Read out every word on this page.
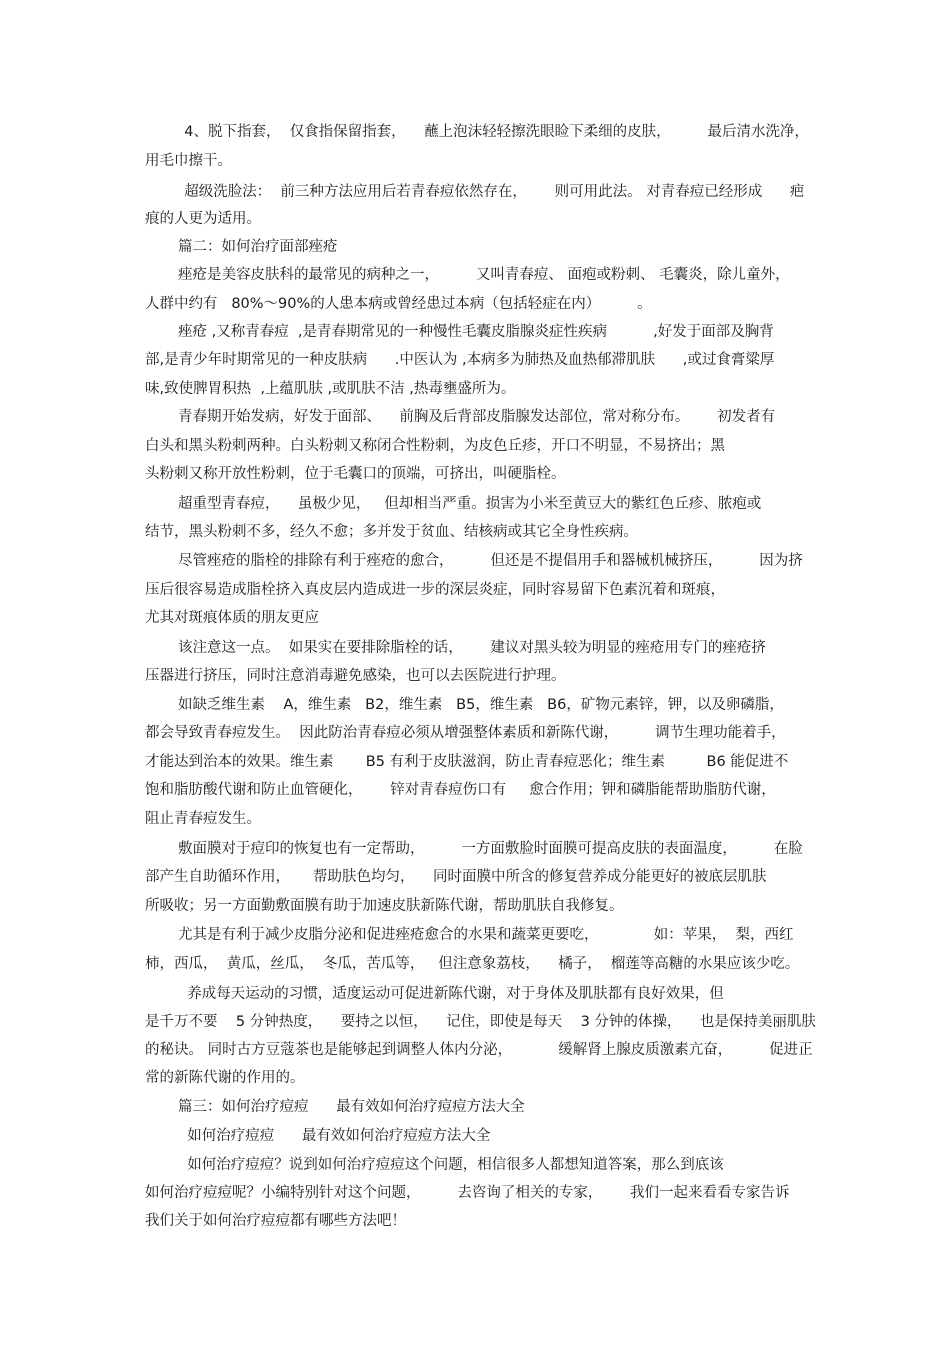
4、脱下指套，  仅食指保留指套，    蘸上泡沫轻轻擦洗眼睑下柔细的皮肤，        最后清水洗净，
用毛巾擦干。
超级洗脸法：  前三种方法应用后若青春痘依然存在，      则可用此法。 对青春痘已经形成      疤
痕的人更为适用。
篇二：如何治疗面部痤疮
痤疮是美容皮肤科的最常见的病种之一，        又叫青春痘、 面疱或粉刺、 毛囊炎，除儿童外，
人群中约有   80%～90%的人患本病或曾经患过本病（包括轻症在内）        。
痤疮 ,又称青春痘  ,是青春期常见的一种慢性毛囊皮脂腺炎症性疾病          ,好发于面部及胸背
部,是青少年时期常见的一种皮肤病      .中医认为 ,本病多为肺热及血热郁滞肌肤      ,或过食膏粱厚
味,致使脾胃积热  ,上蕴肌肤 ,或肌肤不洁 ,热毒壅盛所为。
青春期开始发病，好发于面部、    前胸及后背部皮脂腺发达部位，常对称分布。      初发者有
白头和黑头粉刺两种。白头粉刺又称闭合性粉刺，为皮色丘疹，开口不明显，不易挤出；黑
头粉刺又称开放性粉刺，位于毛囊口的顶端，可挤出，叫硬脂栓。
超重型青春痘，    虽极少见，   但却相当严重。损害为小米至黄豆大的紫红色丘疹、脓疱或
结节，黑头粉刺不多，经久不愈；多并发于贫血、结核病或其它全身性疾病。
尽管痤疮的脂栓的排除有利于痤疮的愈合，        但还是不提倡用手和器械机械挤压，        因为挤
压后很容易造成脂栓挤入真皮层内造成进一步的深层炎症，同时容易留下色素沉着和斑痕，
尤其对斑痕体质的朋友更应
该注意这一点。  如果实在要排除脂栓的话，      建议对黑头较为明显的痤疮用专门的痤疮挤
压器进行挤压，同时注意消毒避免感染，也可以去医院进行护理。
如缺乏维生素    A，维生素   B2，维生素   B5，维生素   B6，矿物元素锌，钾，以及卵磷脂，
都会导致青春痘发生。  因此防治青春痘必须从增强整体素质和新陈代谢，        调节生理功能着手，
才能达到治本的效果。维生素       B5 有利于皮肤滋润，防止青春痘恶化；维生素         B6 能促进不
饱和脂肪酸代谢和防止血管硬化，      锌对青春痘伤口有     愈合作用；钾和磷脂能帮助脂肪代谢，
阻止青春痘发生。
敷面膜对于痘印的恢复也有一定帮助，        一方面敷脸时面膜可提高皮肤的表面温度，        在脸
部产生自助循环作用，     帮助肤色均匀，    同时面膜中所含的修复营养成分能更好的被底层肌肤
所吸收；另一方面勤敷面膜有助于加速皮肤新陈代谢，帮助肌肤自我修复。
尤其是有利于减少皮脂分泌和促进痤疮愈合的水果和蔬菜更要吃，            如：苹果，  梨，西红
柿，西瓜，  黄瓜，丝瓜，  冬瓜，苦瓜等，   但注意象荔枝，    橘子，  榴莲等高糖的水果应该少吃。
养成每天运动的习惯，适度运动可促进新陈代谢，对于身体及肌肤都有良好效果，但
是千万不要    5 分钟热度，    要持之以恒，    记住，即使是每天    3 分钟的体操，    也是保持美丽肌肤
的秘诀。 同时古方豆蔻茶也是能够起到调整人体内分泌，          缓解肾上腺皮质激素亢奋，        促进正
常的新陈代谢的作用的。
篇三：如何治疗痘痘      最有效如何治疗痘痘方法大全
如何治疗痘痘      最有效如何治疗痘痘方法大全
如何治疗痘痘？说到如何治疗痘痘这个问题，相信很多人都想知道答案，那么到底该
如何治疗痘痘呢？小编特别针对这个问题，        去咨询了相关的专家，      我们一起来看看专家告诉
我们关于如何治疗痘痘都有哪些方法吧！
